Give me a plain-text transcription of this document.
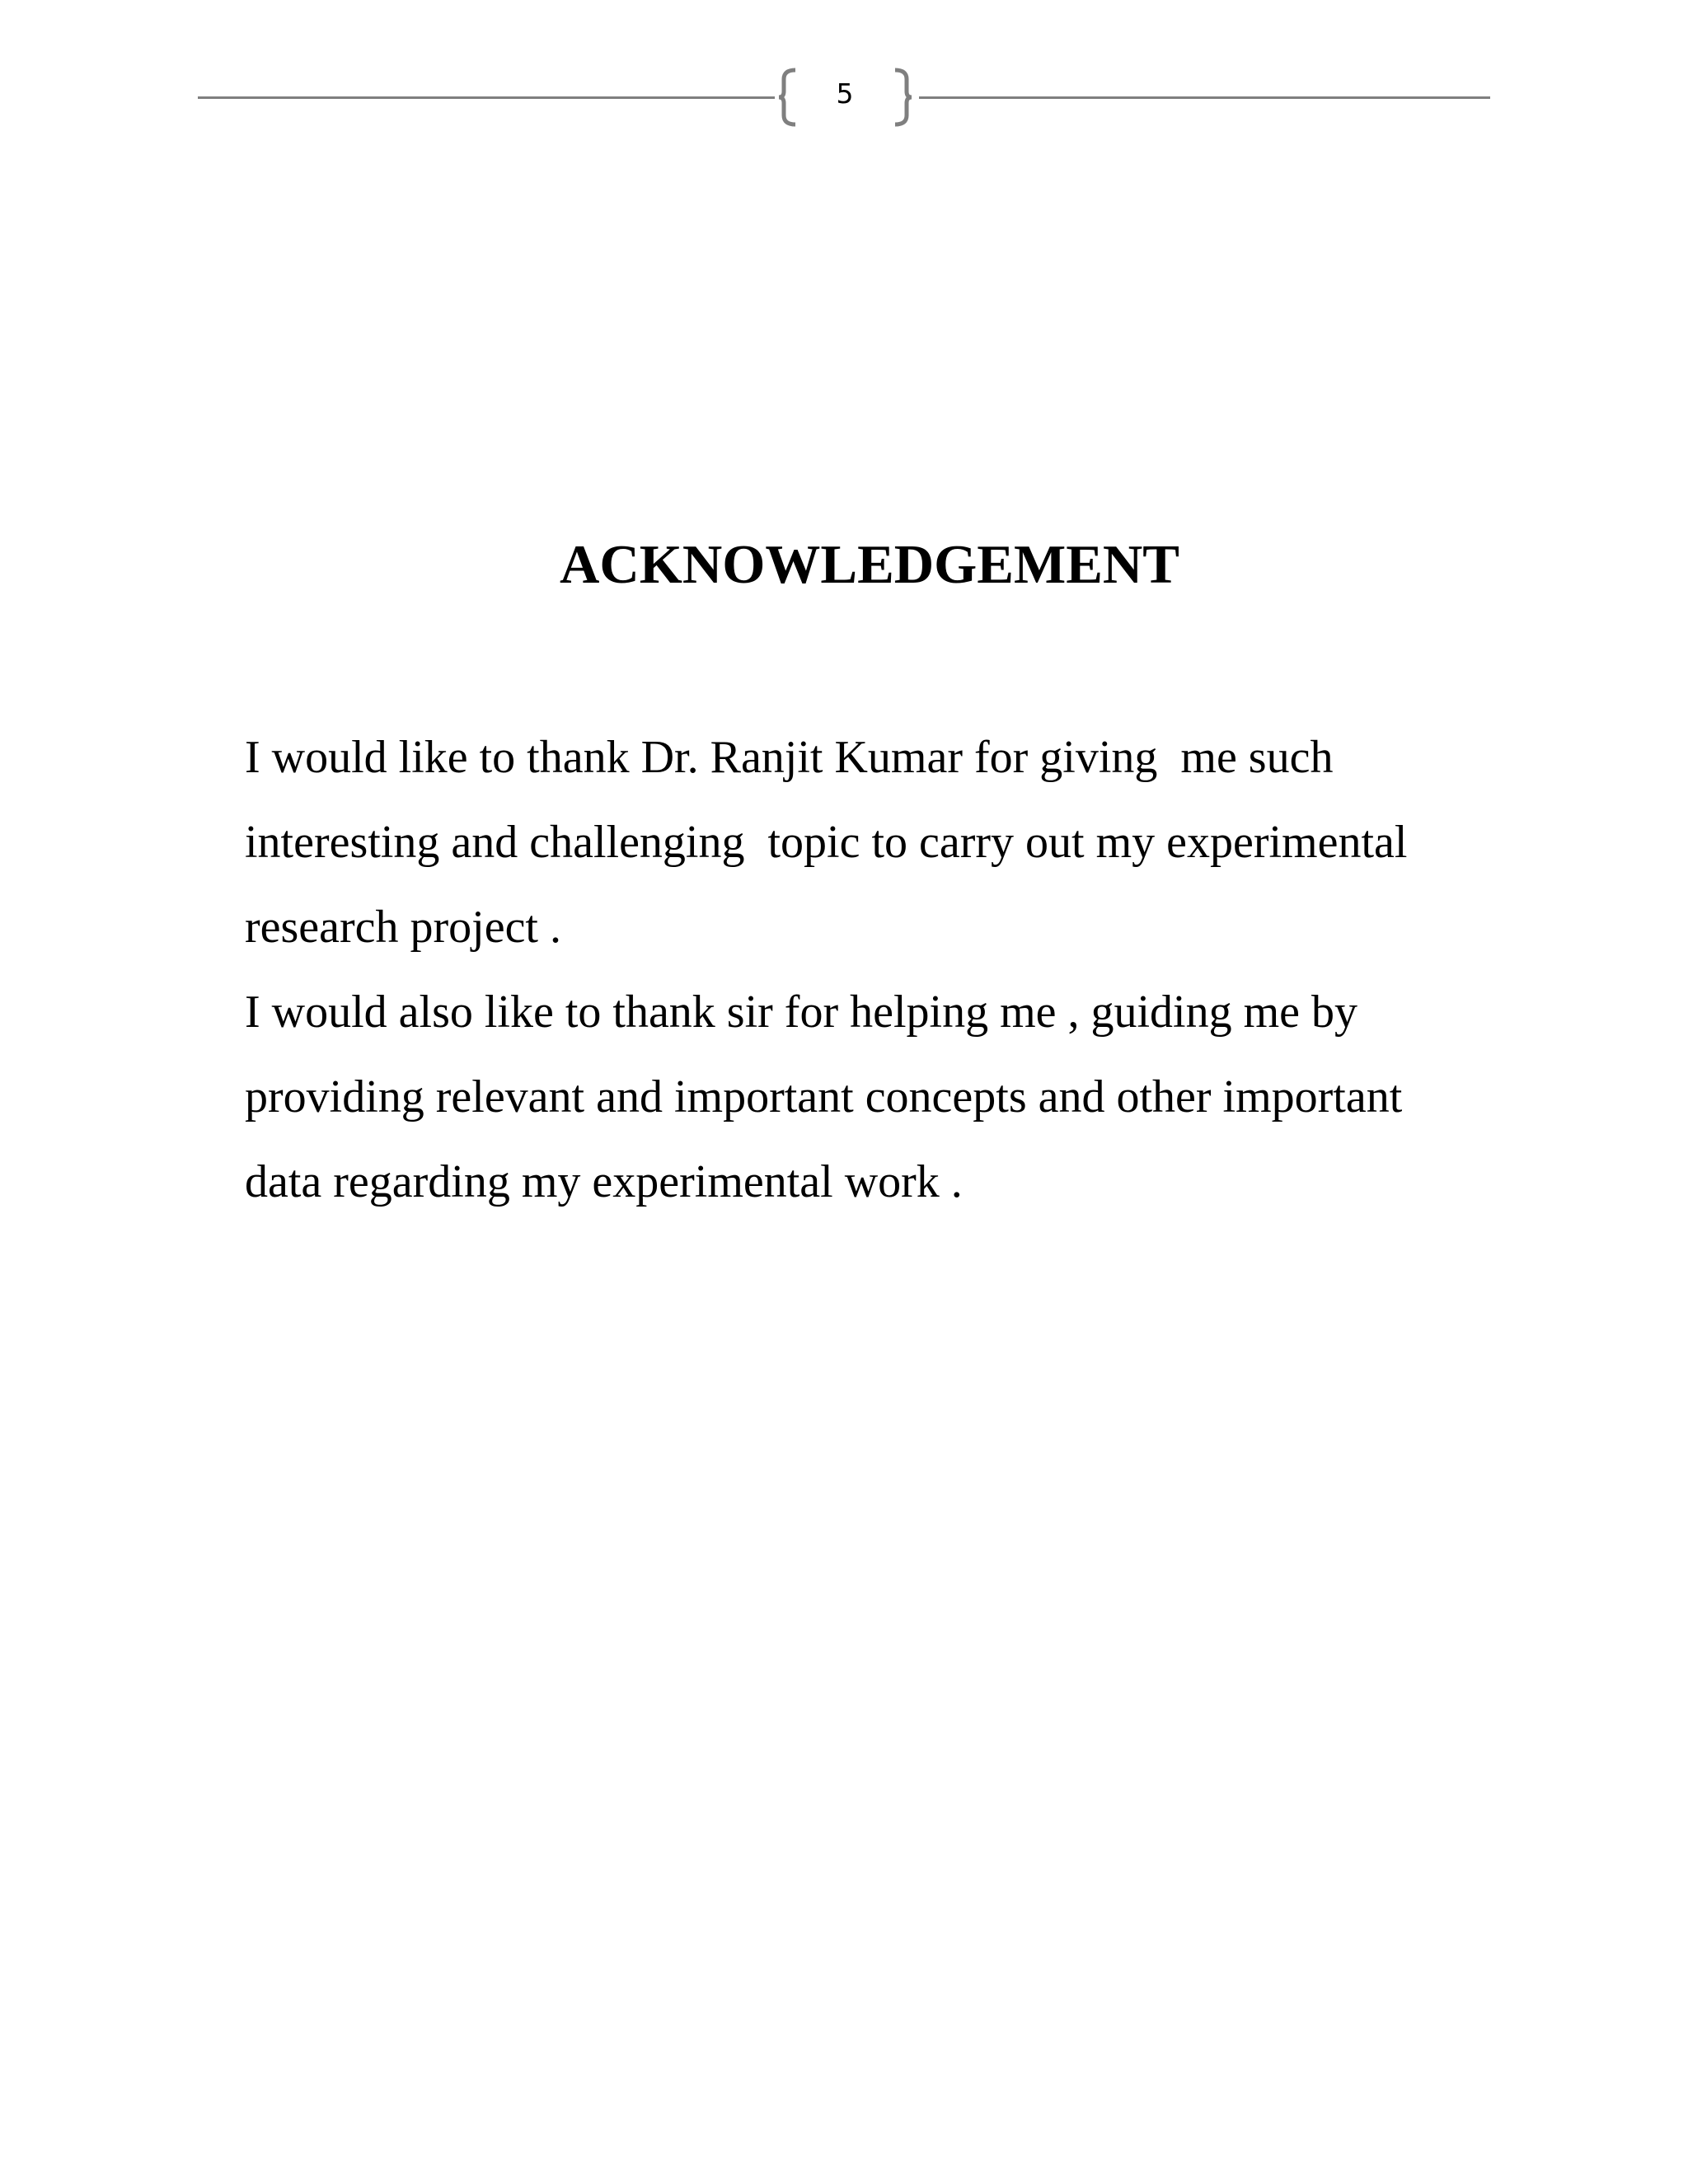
5
ACKNOWLEDGEMENT
I would like to thank Dr. Ranjit Kumar for giving  me such
interesting and challenging  topic to carry out my experimental
research project .
I would also like to thank sir for helping me , guiding me by
providing relevant and important concepts and other important
data regarding my experimental work .
